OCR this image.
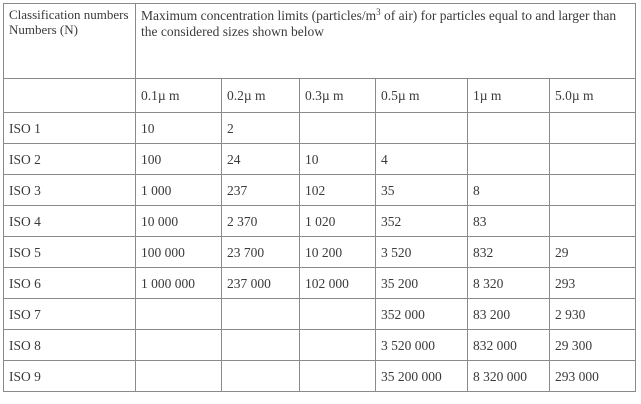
Classification numbers Numbers (N)	Maximum concentration limits ($particles/m^3$ of air) for particles equal to and larger than the considered sizes shown below					
	0.1µ m	0.2µ m	0.3µ m	0.5µ m	1µ m	5.0µ m
ISO 1	10	2				
ISO 2	100	24	10	4		
ISO 3	1 000	237	102	35	8	
ISO 4	10 000	2 370	1 020	352	83	
ISO 5	100 000	23 700	10 200	3 520	832	29
ISO 6	1 000 000	237 000	102 000	35 200	8 320	293
ISO 7				352 000	83 200	2 930
ISO 8				3 520 000	832 000	29 300
ISO 9				35 200 000	8 320 000	293 000
